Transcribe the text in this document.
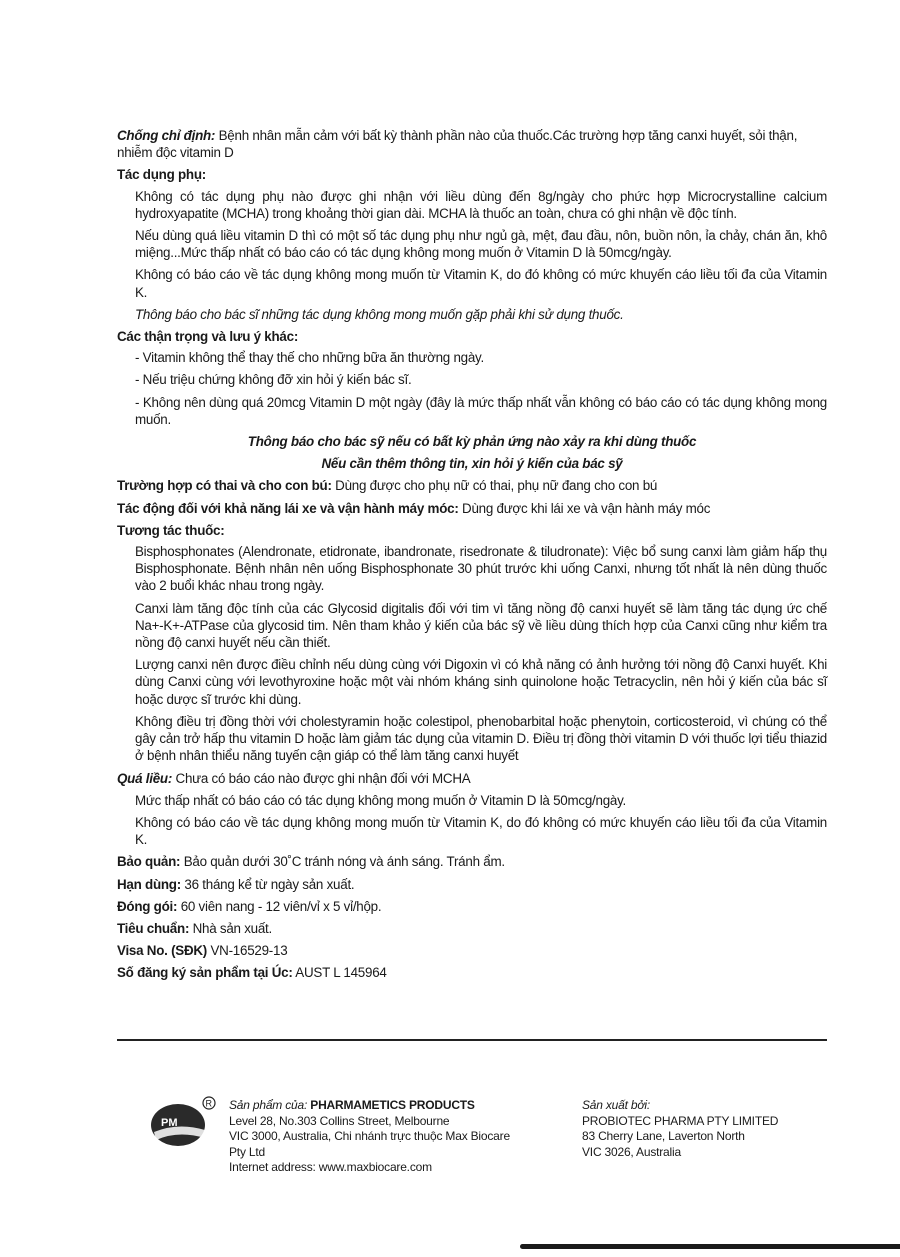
Chống chỉ định: Bệnh nhân mẫn cảm với bất kỳ thành phần nào của thuốc.Các trường hợp tăng canxi huyết, sỏi thận, nhiễm độc vitamin D
Tác dụng phụ:
Không có tác dụng phụ nào được ghi nhận với liều dùng đến 8g/ngày cho phức hợp Microcrystalline calcium hydroxyapatite (MCHA) trong khoảng thời gian dài. MCHA là thuốc an toàn, chưa có ghi nhận về độc tính.
Nếu dùng quá liều vitamin D thì có một số tác dụng phụ như ngủ gà, mệt, đau đầu, nôn, buồn nôn, ỉa chảy, chán ăn, khô miệng...Mức thấp nhất có báo cáo có tác dụng không mong muốn ở Vitamin D là 50mcg/ngày.
Không có báo cáo về tác dụng không mong muốn từ Vitamin K, do đó không có mức khuyến cáo liều tối đa của Vitamin K.
Thông báo cho bác sĩ những tác dụng không mong muốn gặp phải khi sử dụng thuốc.
Các thận trọng và lưu ý khác:
- Vitamin không thể thay thế cho những bữa ăn thường ngày.
- Nếu triệu chứng không đỡ xin hỏi ý kiến bác sĩ.
- Không nên dùng quá 20mcg Vitamin D một ngày (đây là mức thấp nhất vẫn không có báo cáo có tác dụng không mong muốn.
Thông báo cho bác sỹ nếu có bất kỳ phản ứng nào xảy ra khi dùng thuốc
Nếu cần thêm thông tin, xin hỏi ý kiến của bác sỹ
Trường hợp có thai và cho con bú: Dùng được cho phụ nữ có thai, phụ nữ đang cho con bú
Tác động đối với khả năng lái xe và vận hành máy móc: Dùng được khi lái xe và vận hành máy móc
Tương tác thuốc:
Bisphosphonates (Alendronate, etidronate, ibandronate, risedronate & tiludronate): Việc bổ sung canxi làm giảm hấp thụ Bisphosphonate. Bệnh nhân nên uống Bisphosphonate 30 phút trước khi uống Canxi, nhưng tốt nhất là nên dùng thuốc vào 2 buổi khác nhau trong ngày.
Canxi làm tăng độc tính của các Glycosid digitalis đối với tim vì tăng nồng độ canxi huyết sẽ làm tăng tác dụng ức chế Na+-K+-ATPase của glycosid tim. Nên tham khảo ý kiến của bác sỹ về liều dùng thích hợp của Canxi cũng như kiểm tra nồng độ canxi huyết nếu cần thiết.
Lượng canxi nên được điều chỉnh nếu dùng cùng với Digoxin vì có khả năng có ảnh hưởng tới nồng độ Canxi huyết. Khi dùng Canxi cùng với levothyroxine hoặc một vài nhóm kháng sinh quinolone hoặc Tetracyclin, nên hỏi ý kiến của bác sĩ hoặc dược sĩ trước khi dùng.
Không điều trị đồng thời với cholestyramin hoặc colestipol, phenobarbital hoặc phenytoin, corticosteroid, vì chúng có thể gây cản trở hấp thu vitamin D hoặc làm giảm tác dụng của vitamin D. Điều trị đồng thời vitamin D với thuốc lợi tiểu thiazid ở bệnh nhân thiểu năng tuyến cận giáp có thể làm tăng canxi huyết
Quá liều: Chưa có báo cáo nào được ghi nhận đối với MCHA
Mức thấp nhất có báo cáo có tác dụng không mong muốn ở Vitamin D là 50mcg/ngày.
Không có báo cáo về tác dụng không mong muốn từ Vitamin K, do đó không có mức khuyến cáo liều tối đa của Vitamin K.
Bảo quản: Bảo quản dưới 30˚C tránh nóng và ánh sáng. Tránh ẩm.
Hạn dùng: 36 tháng kể từ ngày sản xuất.
Đóng gói: 60 viên nang - 12 viên/vỉ x 5 vỉ/hộp.
Tiêu chuẩn: Nhà sản xuất.
Visa No. (SĐK) VN-16529-13
Số đăng ký sản phẩm tại Úc: AUST L 145964
PM
R Sản phẩm của: PHARMAMETICS PRODUCTS
Level 28, No.303 Collins Street, Melbourne
VIC 3000, Australia, Chi nhánh trực thuộc Max Biocare
Pty Ltd
Internet address: www.maxbiocare.com
Sản xuất bởi:
PROBIOTEC PHARMA PTY LIMITED
83 Cherry Lane, Laverton North
VIC 3026, Australia
